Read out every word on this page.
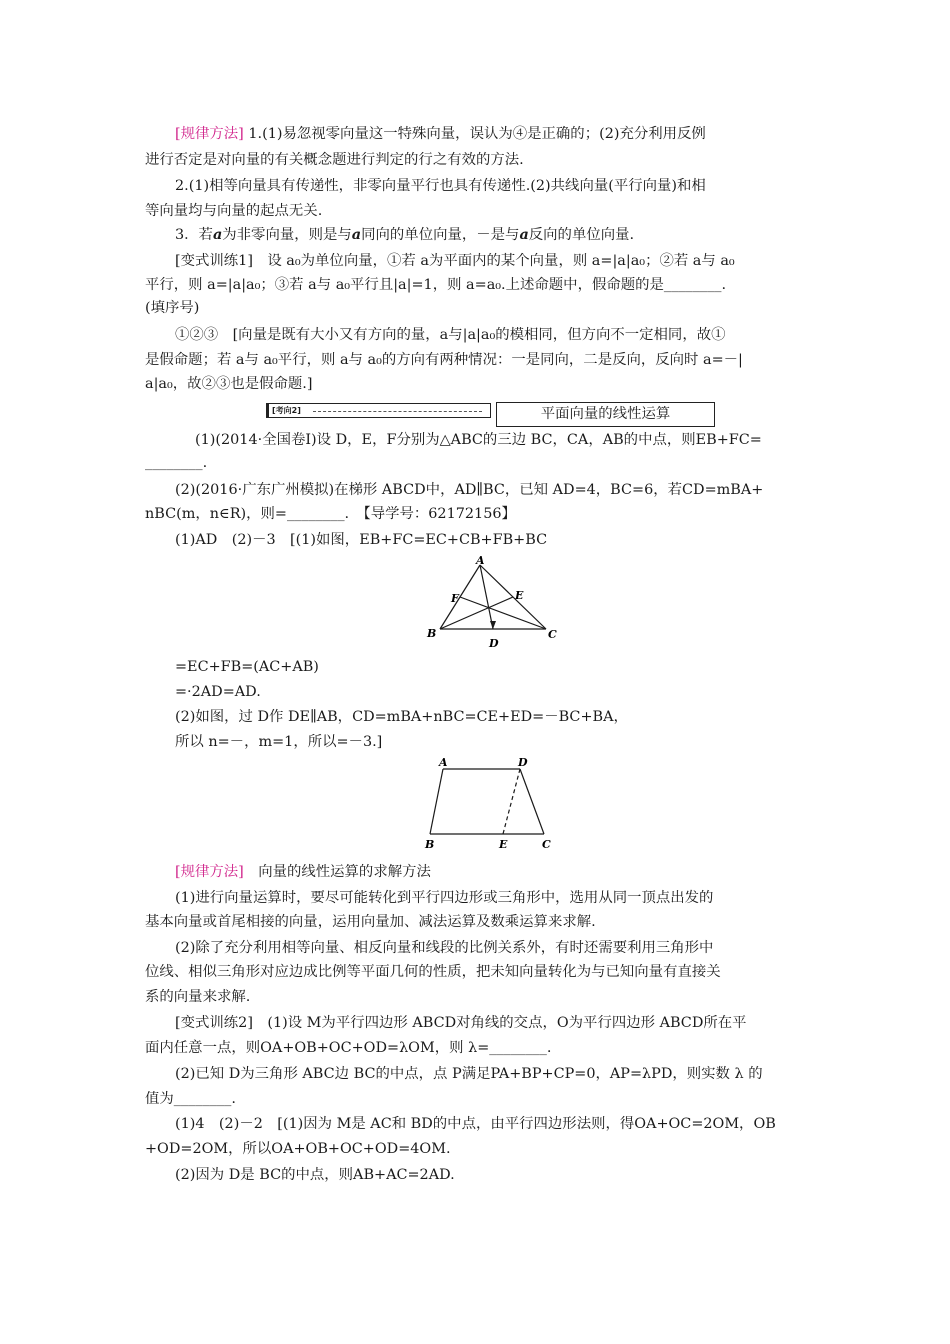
[规律方法] 1.(1)易忽视零向量这一特殊向量，误认为④是正确的；(2)充分利用反例
进行否定是对向量的有关概念题进行判定的行之有效的方法.
2.(1)相等向量具有传递性，非零向量平行也具有传递性.(2)共线向量(平行向量)和相
等向量均与向量的起点无关.
3．若a为非零向量，则是与a同向的单位向量，－是与a反向的单位向量.
[变式训练1]　设 a₀为单位向量，①若 a为平面内的某个向量，则 a=|a|a₀；②若 a与 a₀
平行，则 a=|a|a₀；③若 a与 a₀平行且|a|=1，则 a=a₀.上述命题中，假命题的是________.
(填序号)
①②③　[向量是既有大小又有方向的量，a与|a|a₀的模相同，但方向不一定相同，故①
是假命题；若 a与 a₀平行，则 a与 a₀的方向有两种情况：一是同向，二是反向，反向时 a=－|
a|a₀，故②③也是假命题.]
[考向2]	平面向量的线性运算
(1)(2014·全国卷Ⅰ)设 D，E，F分别为△ABC的三边 BC，CA，AB的中点，则EB+FC=
________.
(2)(2016·广东广州模拟)在梯形 ABCD中，AD∥BC，已知 AD=4，BC=6，若CD=mBA+
nBC(m，n∈R)，则=________.　【导学号：62172156】
(1)AD　(2)－3　[(1)如图，EB+FC=EC+CB+FB+BC
A
B	C
D
E
F
=EC+FB=(AC+AB)
=·2AD=AD.
(2)如图，过 D作 DE∥AB，CD=mBA+nBC=CE+ED=－BC+BA，
所以 n=－，m=1，所以=－3.]
A	D
B	E	C
[规律方法]　向量的线性运算的求解方法
(1)进行向量运算时，要尽可能转化到平行四边形或三角形中，选用从同一顶点出发的
基本向量或首尾相接的向量，运用向量加、减法运算及数乘运算来求解.
(2)除了充分利用相等向量、相反向量和线段的比例关系外，有时还需要利用三角形中
位线、相似三角形对应边成比例等平面几何的性质，把未知向量转化为与已知向量有直接关
系的向量来求解.
[变式训练2]　(1)设 M为平行四边形 ABCD对角线的交点，O为平行四边形 ABCD所在平
面内任意一点，则OA+OB+OC+OD=λOM，则 λ=________.
(2)已知 D为三角形 ABC边 BC的中点，点 P满足PA+BP+CP=0，AP=λPD，则实数 λ 的
值为________.
(1)4　(2)－2　[(1)因为 M是 AC和 BD的中点，由平行四边形法则，得OA+OC=2OM，OB
+OD=2OM，所以OA+OB+OC+OD=4OM.
(2)因为 D是 BC的中点，则AB+AC=2AD.
